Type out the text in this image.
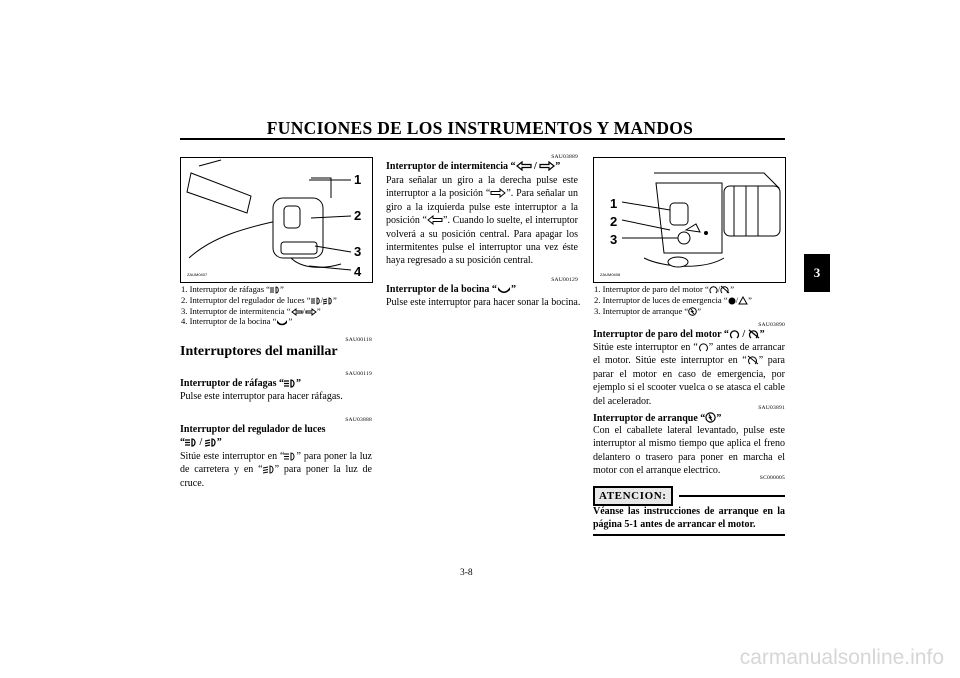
FUNCIONES DE LOS INSTRUMENTOS Y MANDOS
3
ZAUM0407
1
2
3
4
1. Interruptor de ráfagas “ ”
2. Interruptor del regulador de luces “ / ”
3. Interruptor de intermitencia “ / ”
4. Interruptor de la bocina “ ”
SAU00118
Interruptores del manillar
SAU00119
Interruptor de ráfagas “ ”
Pulse este interruptor para hacer ráfagas.
SAU03888
Interruptor del regulador de luces
“ / ”
Sitúe este interruptor en “ ” para poner la luz de carretera y en “ ” para poner la luz de cruce.
SAU03889
Interruptor de intermitencia “ / ”
Para señalar un giro a la derecha pulse este interruptor a la posición “ ”. Para señalar un giro a la izquierda pulse este interruptor a la posición “ ”. Cuando lo suelte, el interruptor volverá a su posición central. Para apagar los intermitentes pulse el interruptor una vez éste haya regresado a su posición central.
SAU00129
Interruptor de la bocina “ ”
Pulse este interruptor para hacer sonar la bocina.
ZAUM0408
1
2
3
1. Interruptor de paro del motor “ / ”
2. Interruptor de luces de emergencia “ / ”
3. Interruptor de arranque “ ”
SAU03890
Interruptor de paro del motor “ / ”
Sitúe este interruptor en “ ” antes de arrancar el motor. Sitúe este interruptor en “ ” para parar el motor en caso de emergencia, por ejemplo si el scooter vuelca o se atasca el cable del acelerador.
SAU03891
Interruptor de arranque “ ”
Con el caballete lateral levantado, pulse este interruptor al mismo tiempo que aplica el freno delantero o trasero para poner en marcha el motor con el arranque electrico.
SC000005
ATENCION:
Véanse las instrucciones de arranque en la página 5-1 antes de arrancar el motor.
3-8
carmanualsonline.info
